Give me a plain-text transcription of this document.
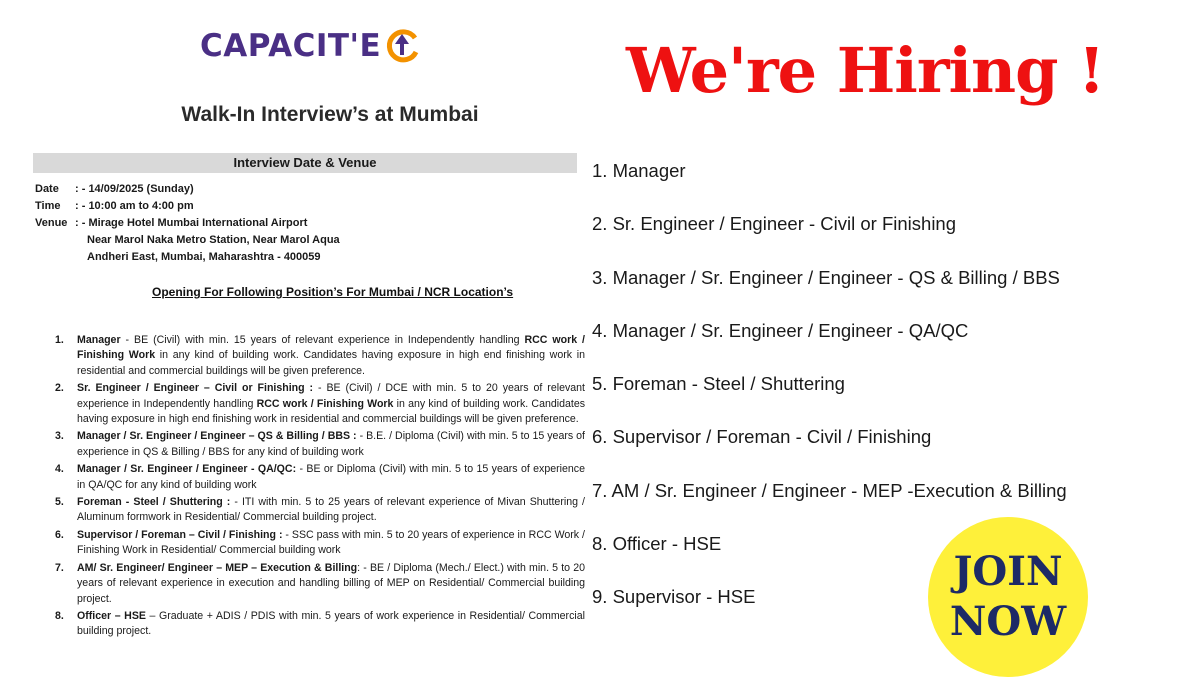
CAPACIT'E
Walk-In Interview’s at Mumbai
Interview Date & Venue
Date	: - 14/09/2025 (Sunday)
Time	: - 10:00 am to 4:00 pm
Venue : - Mirage Hotel Mumbai International Airport
Near Marol Naka Metro Station, Near Marol Aqua
Andheri East, Mumbai, Maharashtra - 400059
Opening For Following Position’s For Mumbai / NCR Location’s
1.	Manager - BE (Civil) with min. 15 years of relevant experience in Independently handling RCC work / Finishing Work in any kind of building work. Candidates having exposure in high end finishing work in residential and commercial buildings will be given preference.
2.	Sr. Engineer / Engineer – Civil or Finishing : - BE (Civil) / DCE with min. 5 to 20 years of relevant experience in Independently handling RCC work / Finishing Work in any kind of building work. Candidates having exposure in high end finishing work in residential and commercial buildings will be given preference.
3.	Manager / Sr. Engineer / Engineer – QS & Billing / BBS : - B.E. / Diploma (Civil) with min. 5 to 15 years of experience in QS & Billing / BBS for any kind of building work
4.	Manager / Sr. Engineer / Engineer - QA/QC: - BE or Diploma (Civil) with min. 5 to 15 years of experience in QA/QC for any kind of building work
5.	Foreman - Steel / Shuttering : - ITI with min. 5 to 25 years of relevant experience of Mivan Shuttering / Aluminum formwork in Residential/ Commercial building project.
6.	Supervisor / Foreman – Civil / Finishing : - SSC pass with min. 5 to 20 years of experience in RCC Work / Finishing Work in Residential/ Commercial building work
7.	AM/ Sr. Engineer/ Engineer – MEP – Execution & Billing: - BE / Diploma (Mech./ Elect.) with min. 5 to 20 years of relevant experience in execution and handling billing of MEP on Residential/ Commercial building project.
8.	Officer – HSE – Graduate + ADIS / PDIS with min. 5 years of work experience in Residential/ Commercial building project.
We're Hiring !
1. Manager
2. Sr. Engineer / Engineer - Civil or Finishing
3. Manager / Sr. Engineer / Engineer - QS & Billing / BBS
4. Manager / Sr. Engineer / Engineer - QA/QC
5. Foreman - Steel / Shuttering
6. Supervisor / Foreman - Civil / Finishing
7. AM / Sr. Engineer / Engineer - MEP -Execution & Billing
8. Officer - HSE
9. Supervisor - HSE
JOIN
NOW
